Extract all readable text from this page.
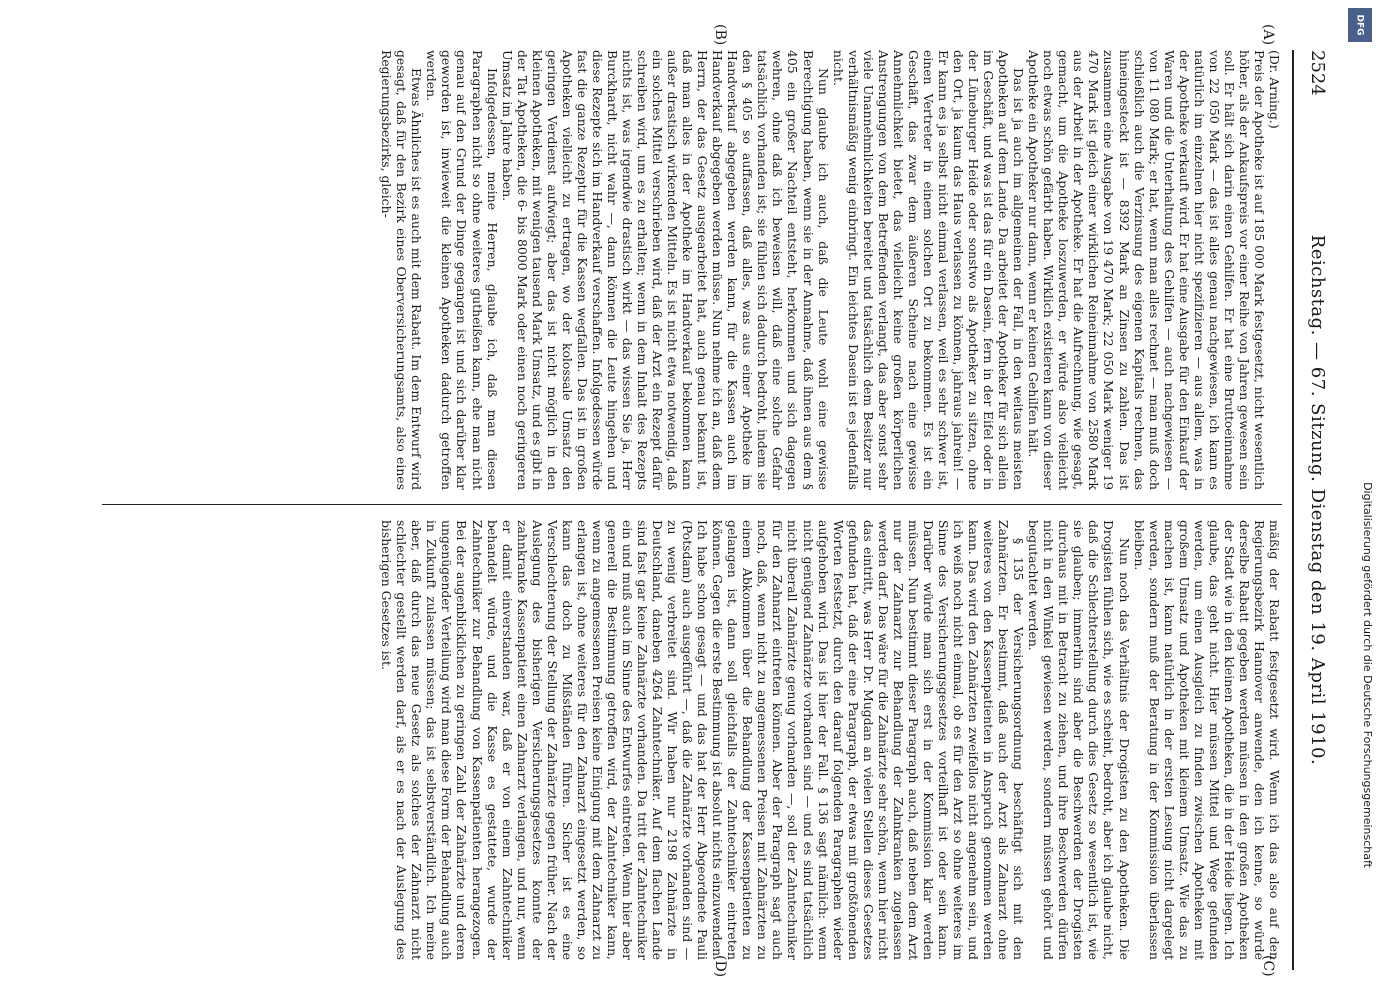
2524
Reichstag. — 67. Sitzung. Dienstag den 19. April 1910.
(A)
(B)
(C)
(D)

(Dr. Arning.)

Preis der Apotheke ist auf 185 000 Mark festgesetzt, nicht wesentlich höher, als der Ankaufspreis vor einer Reihe von Jahren gewesen sein soll. Er hält sich darin einen Gehilfen. Er hat eine Bruttoeinnahme von 22 050 Mark — das ist alles genau nachgewiesen, ich kann es natürlich im einzelnen hier nicht spezifizieren — aus allem, was in der Apotheke verkauft wird. Er hat eine Ausgabe für den Einkauf der Waren und die Unterhaltung des Gehilfen — auch nachgewiesen — von 11 080 Mark; er hat, wenn man alles rechnet — man muß doch schließlich auch die Verzinsung des eigenen Kapitals rechnen, das hineingesteckt ist — 8392 Mark an Zinsen zu zahlen. Das ist zusammen eine Ausgabe von 19 470 Mark; 22 050 Mark weniger 19 470 Mark ist gleich einer wirklichen Reineinnahme von 2580 Mark aus der Arbeit in der Apotheke. Er hat die Aufrechnung, wie gesagt, gemacht, um die Apotheke loszuwerden, er würde also vielleicht noch etwas schön gefärbt haben. Wirklich existieren kann von dieser Apotheke ein Apotheker nur dann, wenn er keinen Gehilfen hält.

Das ist ja auch im allgemeinen der Fall, in den weitaus meisten Apotheken auf dem Lande. Da arbeitet der Apotheker für sich allein im Geschäft, und was ist das für ein Dasein, fern in der Eifel oder in der Lüneburger Heide oder sonstwo als Apotheker zu sitzen, ohne den Ort, ja kaum das Haus verlassen zu können, jahraus jahrein! — Er kann es ja selbst nicht einmal verlassen, weil es sehr schwer ist, einen Vertreter in einem solchen Ort zu bekommen. Es ist ein Geschäft, das zwar dem äußeren Scheine nach eine gewisse Annehmlichkeit bietet, das vielleicht keine großen körperlichen Anstrengungen von dem Betreffenden verlangt, das aber sonst sehr viele Unannehmlichkeiten bereitet und tatsächlich dem Besitzer nur verhältnismäßig wenig einbringt. Ein leichtes Dasein ist es jedenfalls nicht.

Nun glaube ich auch, daß die Leute wohl eine gewisse Berechtigung haben, wenn sie in der Annahme, daß ihnen aus dem § 405 ein großer Nachteil entsteht, herkommen und sich dagegen wehren, ohne daß ich beweisen will, daß eine solche Gefahr tatsächlich vorhanden ist; sie fühlen sich dadurch bedroht, indem sie den § 405 so auffassen, daß alles, was aus einer Apotheke im Handverkauf abgegeben werden kann, für die Kassen auch im Handverkauf abgegeben werden müsse. Nun nehme ich an, daß dem Herrn, der das Gesetz ausgearbeitet hat, auch genau bekannt ist, daß man alles in der Apotheke im Handverkauf bekommen kann außer drastisch wirkenden Mitteln. Es ist nicht etwa notwendig, daß ein solches Mittel verschrieben wird, daß der Arzt ein Rezept dafür schreiben wird, um es zu erhalten; wenn in dem Inhalt des Rezepts nichts ist, was irgendwie drastisch wirkt — das wissen Sie ja, Herr Burckhardt, nicht wahr —, dann können die Leute hingehen und diese Rezepte sich im Handverkauf verschaffen. Infolgedessen würde fast die ganze Rezeptur für die Kassen wegfallen. Das ist in großen Apotheken vielleicht zu ertragen, wo der kolossale Umsatz den geringen Verdienst aufwiegt; aber das ist nicht möglich in den kleinen Apotheken, mit wenigen tausend Mark Umsatz, und es gibt in der Tat Apotheken, die 6- bis 8000 Mark oder einen noch geringeren Umsatz im Jahre haben.

Infolgedessen, meine Herren, glaube ich, daß man diesen Paragraphen nicht so ohne weiteres gutheißen kann, ehe man nicht genau auf den Grund der Dinge gegangen ist und sich darüber klar geworden ist, inwieweit die kleinen Apotheken dadurch getroffen werden.

Etwas Ähnliches ist es auch mit dem Rabatt. Im dem Entwurf wird gesagt, daß für den Bezirk eines Oberversicherungsamts, also eines Regierungsbezirks, gleich-

mäßig der Rabatt festgesetzt wird. Wenn ich das also auf den Regierungsbezirk Hannover anwende, den ich kenne, so würde derselbe Rabatt gegeben werden müssen in den großen Apotheken der Stadt wie in den kleinen Apotheken, die in der Heide liegen. Ich glaube, das geht nicht. Hier müssen Mittel und Wege gefunden werden, um einen Ausgleich zu finden zwischen Apotheken mit großem Umsatz und Apotheken mit kleinem Umsatz. Wie das zu machen ist, kann natürlich in der ersten Lesung nicht dargelegt werden, sondern muß der Beratung in der Kommission überlassen bleiben.

Nun noch das Verhältnis der Drogisten zu den Apotheken. Die Drogisten fühlen sich, wie es scheint, bedroht, aber ich glaube nicht, daß die Schlechterstellung durch dies Gesetz so wesentlich ist, wie sie glauben; immerhin sind aber die Beschwerden der Drogisten durchaus mit in Betracht zu ziehen, und ihre Beschwerden dürfen nicht in den Winkel gewiesen werden, sondern müssen gehört und begutachtet werden.

§ 135 der Versicherungsordnung beschäftigt sich mit den Zahnärzten. Er bestimmt, daß auch der Arzt als Zahnarzt ohne weiteres von den Kassenpatienten in Anspruch genommen werden kann. Das wird den Zahnärzten zweifellos nicht angenehm sein, und ich weiß noch nicht einmal, ob es für den Arzt so ohne weiteres im Sinne des Versicherungsgesetzes vorteilhaft ist oder sein kann. Darüber würde man sich erst in der Kommission klar werden müssen. Nun bestimmt dieser Paragraph auch, daß neben dem Arzt nur der Zahnarzt zur Behandlung der Zahnkranken zugelassen werden darf. Das wäre für die Zahnärzte sehr schön, wenn hier nicht das eintritt, was Herr Dr. Mugdan an vielen Stellen dieses Gesetzes gefunden hat, daß der eine Paragraph, der etwas mit großtönenden Worten festsetzt, durch den darauf folgenden Paragraphen wieder aufgehoben wird. Das ist hier der Fall. § 136 sagt nämlich: wenn nicht genügend Zahnärzte vorhanden sind — und es sind tatsächlich nicht überall Zahnärzte genug vorhanden —, soll der Zahntechniker für den Zahnarzt eintreten können. Aber der Paragraph sagt auch noch, daß, wenn nicht zu angemessenen Preisen mit Zahnärzten zu einem Abkommen über die Behandlung der Kassenpatienten zu gelangen ist, dann soll gleichfalls der Zahntechniker eintreten können. Gegen die erste Bestimmung ist absolut nichts einzuwenden. Ich habe schon gesagt — und das hat der Herr Abgeordnete Pauli (Potsdam) auch ausgeführt —, daß die Zahnärzte vorhanden sind — zu wenig verbreitet sind. Wir haben nur 2198 Zahnärzte in Deutschland, daneben 4264 Zahntechniker. Auf dem flachen Lande sind fast gar keine Zahnärzte vorhanden. Da tritt der Zahntechniker ein und muß auch im Sinne des Entwurfes eintreten. Wenn hier aber generell die Bestimmung getroffen wird, der Zahntechniker kann, wenn zu angemessenen Preisen keine Einigung mit dem Zahnarzt zu erlangen ist, ohne weiteres für den Zahnarzt eingesetzt werden, so kann das doch zu Mißständen führen. Sicher ist es eine Verschlechterung der Stellung der Zahnärzte gegen früher. Nach der Auslegung des bisherigen Versicherungsgesetzes konnte der zahnkranke Kassenpatient einen Zahnarzt verlangen, und nur, wenn er damit einverstanden war, daß er von einem Zahntechniker behandelt würde, und die Kasse es gestattete, wurde der Zahntechniker zur Behandlung von Kassenpatienten herangezogen. Bei der augenblicklichen zu geringen Zahl der Zahnärzte und deren ungenügender Verteilung wird man diese Form der Behandlung auch in Zukunft zulassen müssen; das ist selbstverständlich. Ich meine aber, daß durch das neue Gesetz als solches der Zahnarzt nicht schlechter gestellt werden darf, als er es nach der Auslegung des bisherigen Gesetzes ist.

DFG
Digitalisierung gefördert durch die Deutsche Forschungsgemeinschaft
